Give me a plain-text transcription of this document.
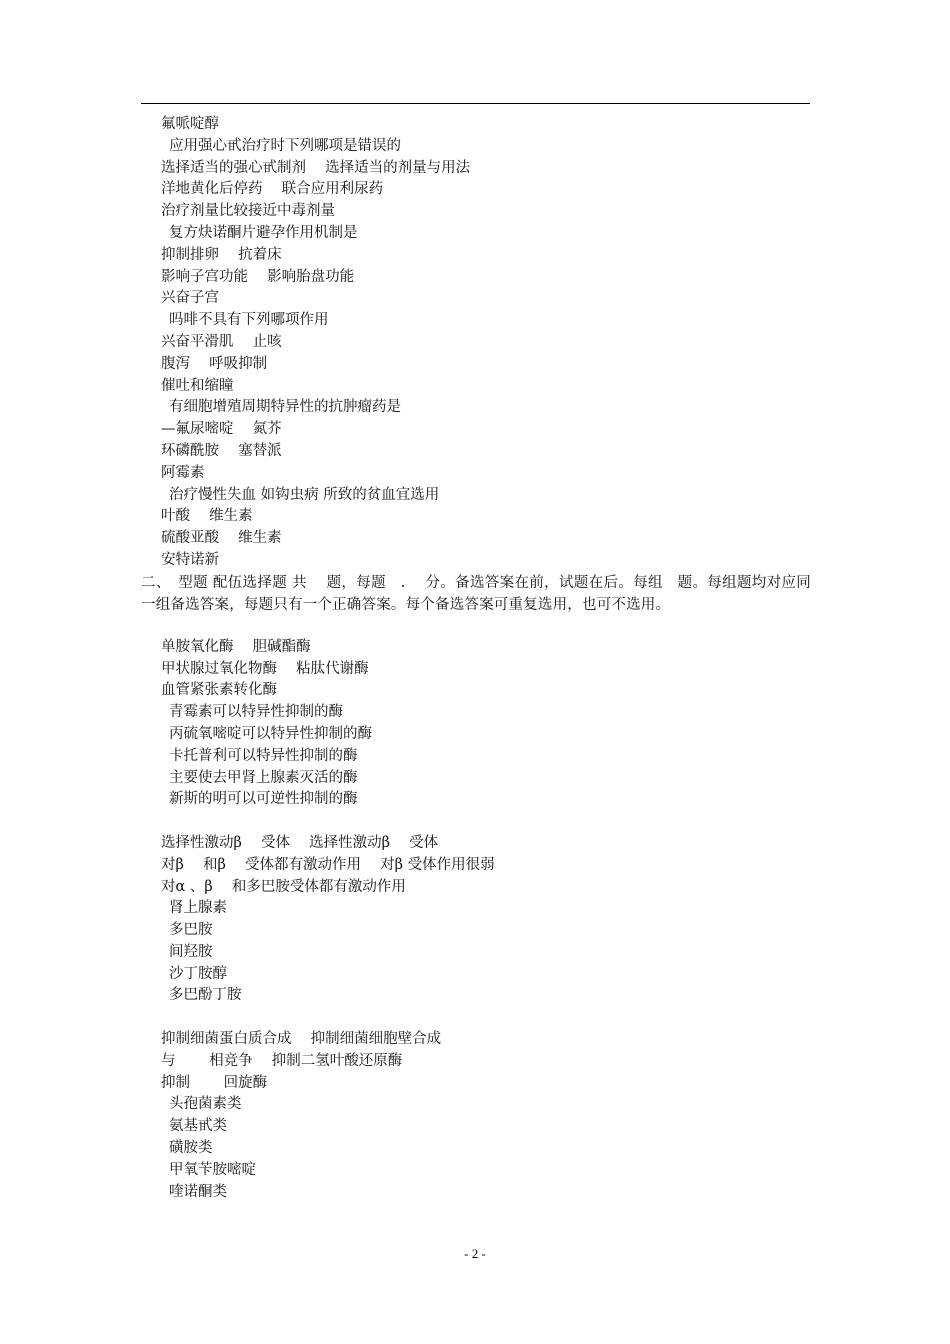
氟哌啶醇
应用强心甙治疗时下列哪项是错误的
选择适当的强心甙制剂　 选择适当的剂量与用法
洋地黄化后停药　 联合应用利尿药
治疗剂量比较接近中毒剂量
复方炔诺酮片避孕作用机制是
抑制排卵　 抗着床
影响子宫功能　 影响胎盘功能
兴奋子宫
吗啡不具有下列哪项作用
兴奋平滑肌　 止咳
腹泻　 呼吸抑制
催吐和缩瞳
有细胞增殖周期特异性的抗肿瘤药是
—氟尿嘧啶　 氮芥
环磷酰胺　 塞替派
阿霉素
治疗慢性失血 如钩虫病 所致的贫血宜选用
叶酸　 维生素
硫酸亚酸　 维生素
安特诺新

二、　型题 配伍选择题 共　 题，每题　.　 分。备选答案在前，试题在后。每组　题。每组题均对应同一组备选答案，每题只有一个正确答案。每个备选答案可重复选用，也可不选用。

单胺氧化酶　 胆碱酯酶
甲状腺过氧化物酶　 粘肽代谢酶
血管紧张素转化酶
青霉素可以特异性抑制的酶
丙硫氧嘧啶可以特异性抑制的酶
卡托普利可以特异性抑制的酶
主要使去甲肾上腺素灭活的酶
新斯的明可以可逆性抑制的酶
选择性激动β　 受体　 选择性激动β　 受体
对β　 和β　 受体都有激动作用　 对β 受体作用很弱
对α 、β　 和多巴胺受体都有激动作用
肾上腺素
多巴胺
间羟胺
沙丁胺醇
多巴酚丁胺
抑制细菌蛋白质合成　 抑制细菌细胞壁合成
与　　 相竞争　 抑制二氢叶酸还原酶
抑制　　 回旋酶
头孢菌素类
氨基甙类
磺胺类
甲氧苄胺嘧啶
喹诺酮类
- 2 -
